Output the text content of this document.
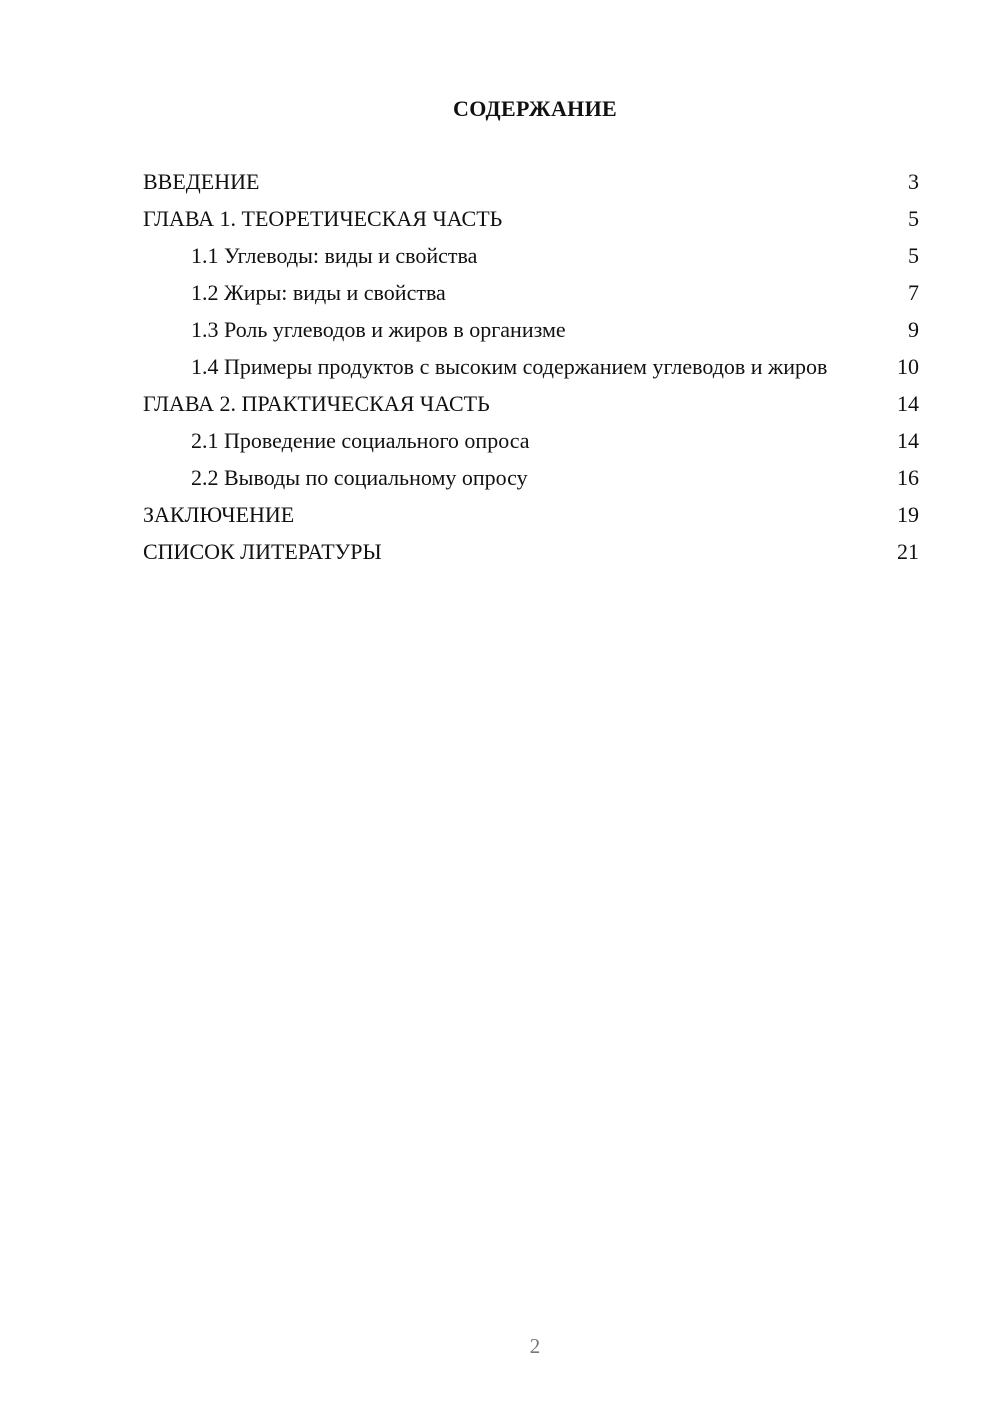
СОДЕРЖАНИЕ
ВВЕДЕНИЕ	3
ГЛАВА 1. ТЕОРЕТИЧЕСКАЯ ЧАСТЬ	5
1.1 Углеводы: виды и свойства	5
1.2 Жиры: виды и свойства	7
1.3 Роль углеводов и жиров в организме	9
1.4 Примеры продуктов с высоким содержанием углеводов и жиров	10
ГЛАВА 2. ПРАКТИЧЕСКАЯ ЧАСТЬ	14
2.1 Проведение социального опроса	14
2.2 Выводы по социальному опросу	16
ЗАКЛЮЧЕНИЕ	19
СПИСОК ЛИТЕРАТУРЫ	21
2
